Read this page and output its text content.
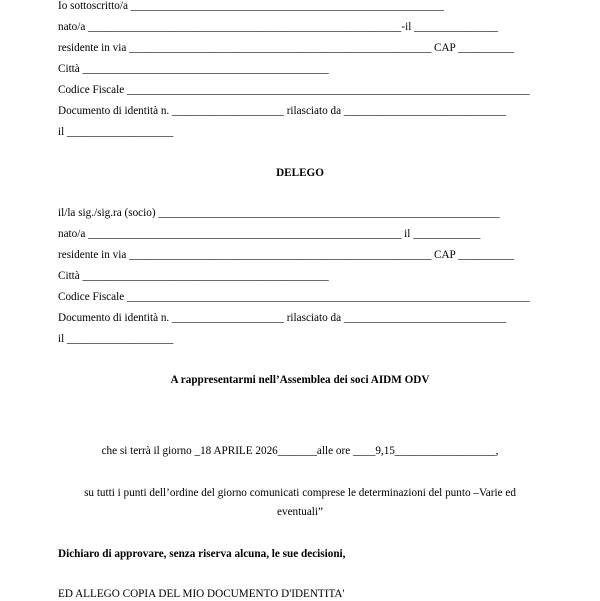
Io sottoscritto/a ________________________________________________________
nato/a ________________________________________________________-il _______________
residente in via ______________________________________________________ CAP __________
Città ____________________________________________
Codice Fiscale ________________________________________________________________________
Documento di identità n. ____________________ rilasciato da _____________________________
il ___________________
DELEGO
il/la sig./sig.ra (socio) _____________________________________________________________
nato/a ________________________________________________________ il ____________
residente in via ______________________________________________________ CAP __________
Città ____________________________________________
Codice Fiscale ________________________________________________________________________
Documento di identità n. ____________________ rilasciato da _____________________________
il ___________________
A rappresentarmi nell’Assemblea dei soci AIDM ODV
che si terrà il giorno _18 APRILE 2026_______alle ore ____9,15__________________,
su tutti i punti dell’ordine del giorno comunicati comprese le determinazioni del punto –Varie ed
eventuali”
Dichiaro di approvare, senza riserva alcuna, le sue decisioni,
ED ALLEGO COPIA DEL MIO DOCUMENTO D'IDENTITA'
